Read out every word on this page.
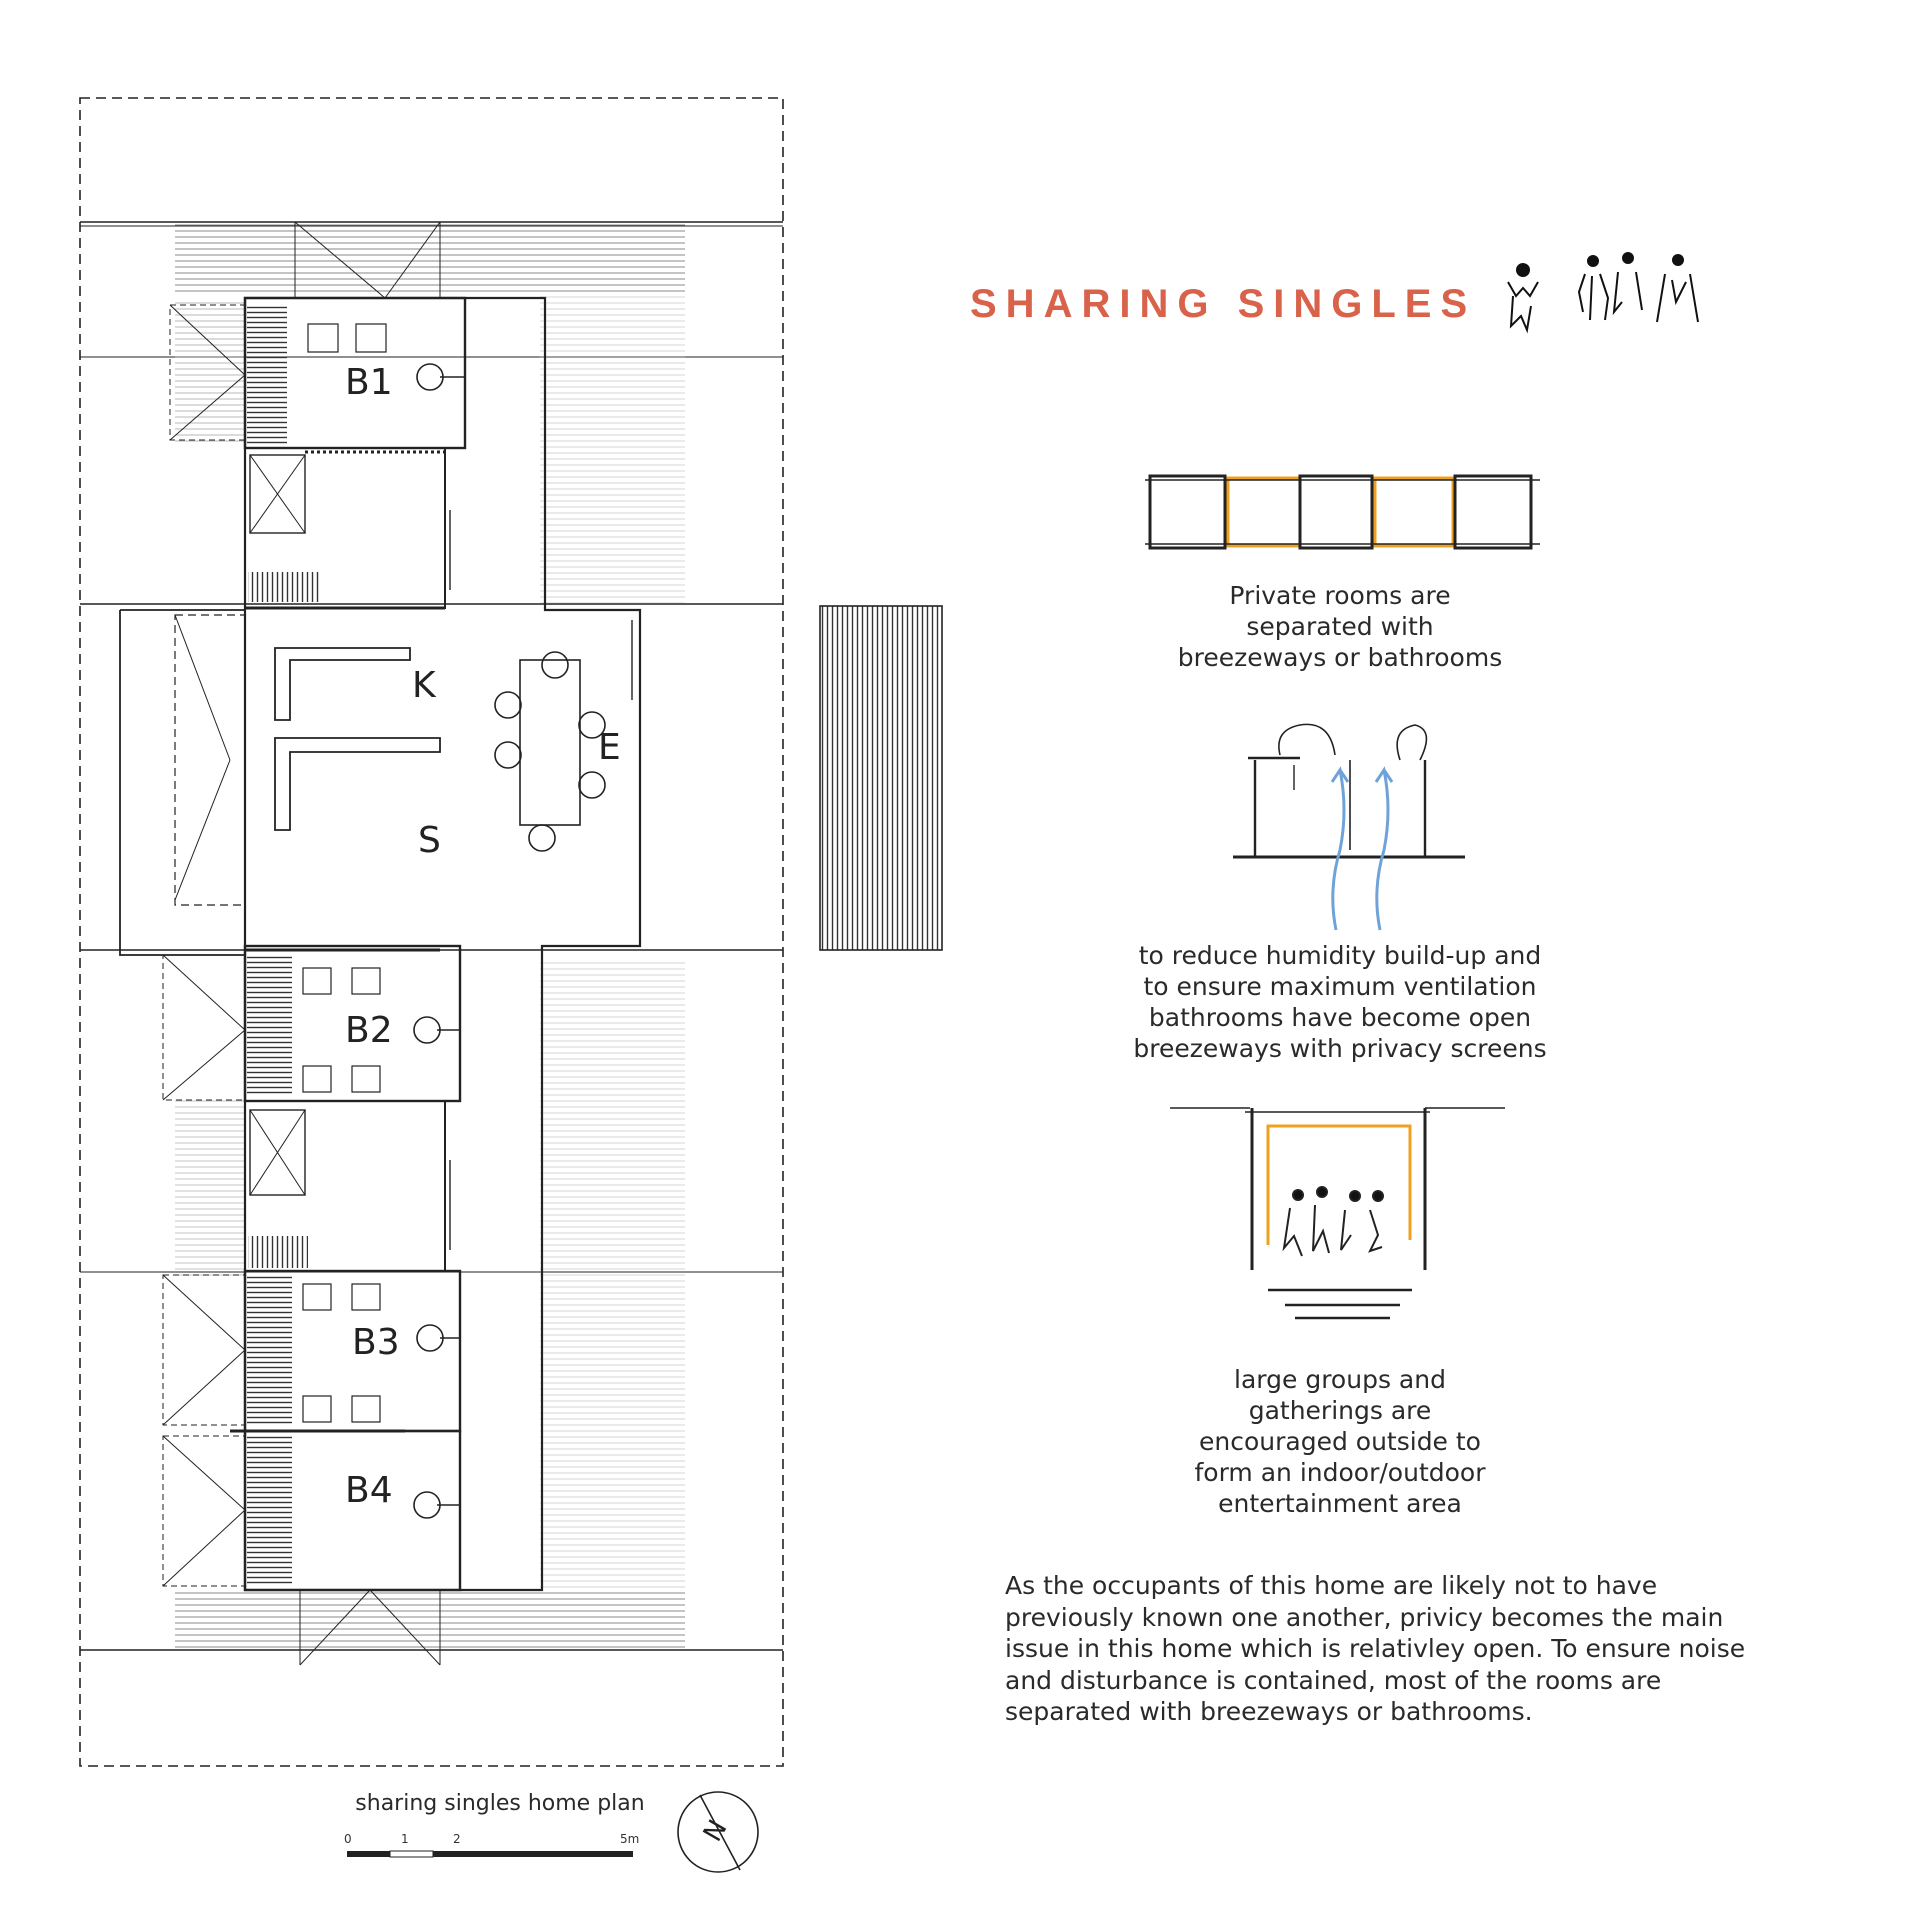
SHARING SINGLES
Private rooms are
separated with
breezeways or bathrooms
to reduce humidity build-up and
to ensure maximum ventilation
bathrooms have become open
breezeways with privacy screens
large groups and
gatherings are
encouraged outside to
form an indoor/outdoor
entertainment area
As the occupants of this home are likely not to have previously known one another, privicy becomes the main issue in this home which is relativley open. To ensure noise and disturbance is contained, most of the rooms are separated with breezeways or bathrooms.
B1
K
E
S
B2
B3
B4
sharing singles home plan
0	1	2	5m N
